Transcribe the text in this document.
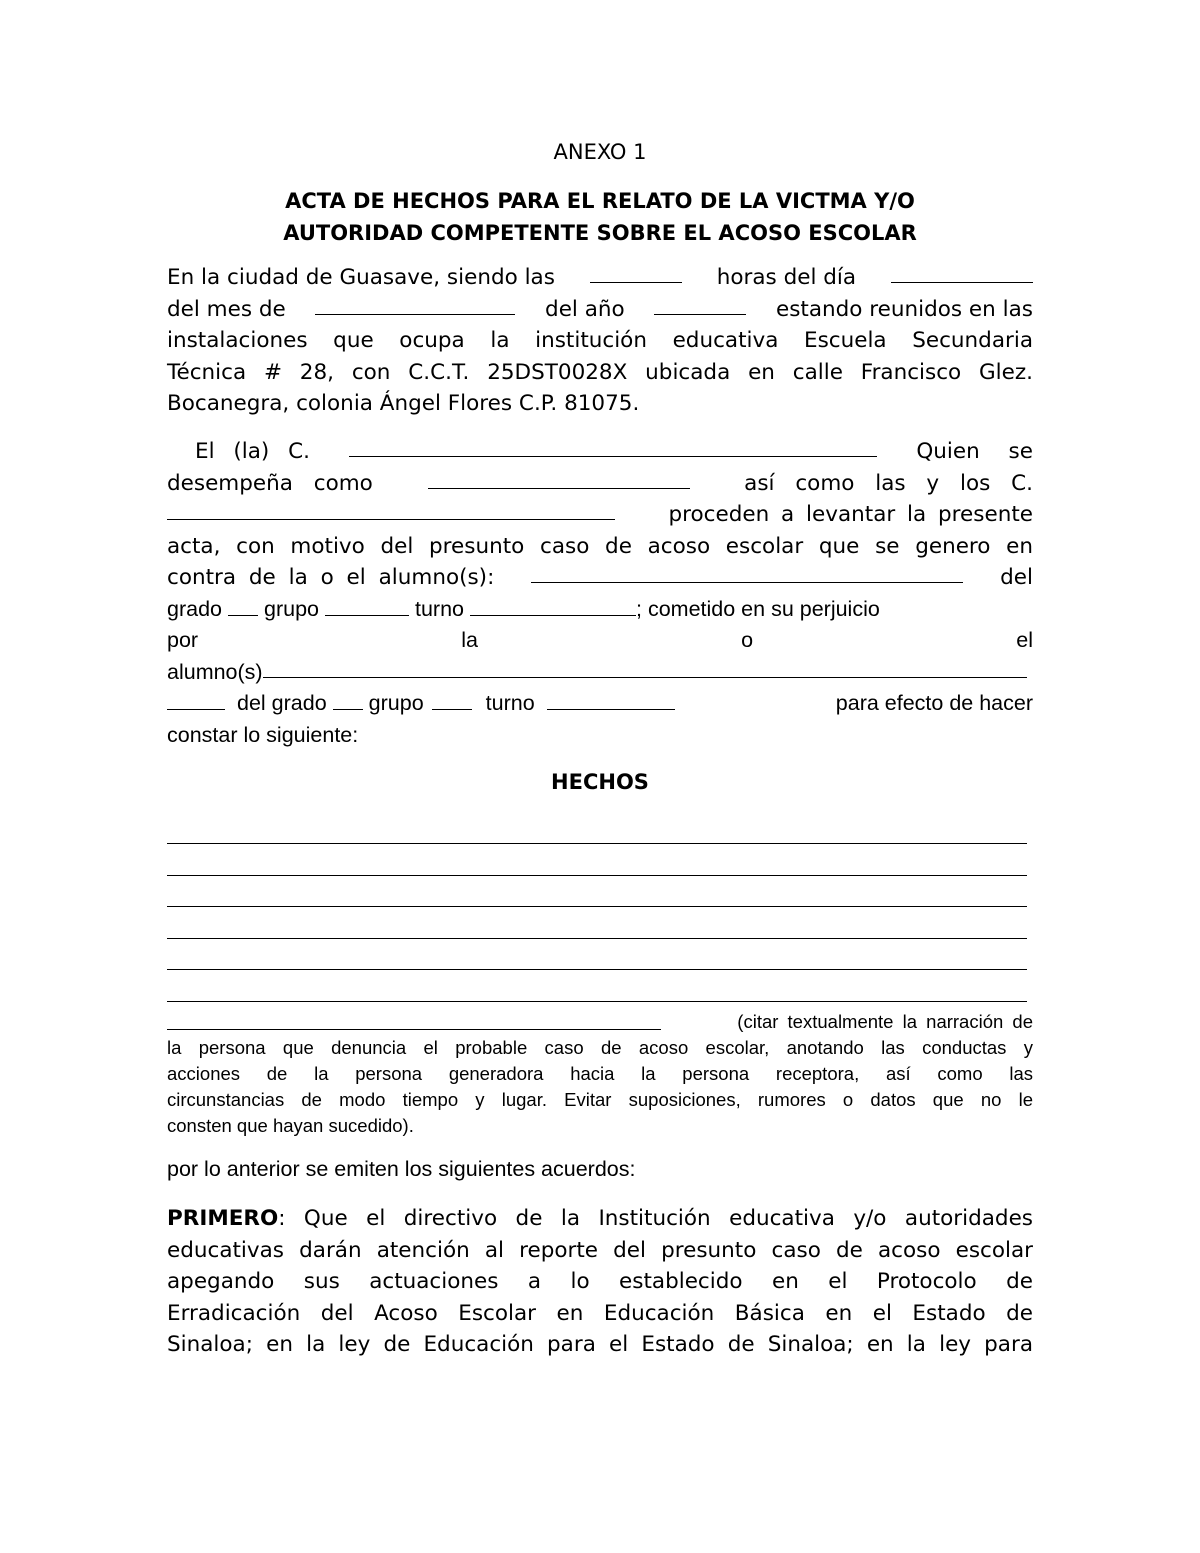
ANEXO 1
ACTA DE HECHOS PARA EL RELATO DE LA VICTMA Y/O
AUTORIDAD COMPETENTE SOBRE EL ACOSO ESCOLAR
En la ciudad de Guasave, siendo las	horas del día
del mes de	del año	estando reunidos en las
instalaciones que ocupa la institución educativa Escuela Secundaria
Técnica # 28, con C.C.T. 25DST0028X ubicada en calle Francisco Glez.
Bocanegra, colonia Ángel Flores C.P. 81075.
El (la) C.	Quien se
desempeña como	así como las y los C.
proceden a levantar la presente
acta, con motivo del presunto caso de acoso escolar que se genero en
contra de la o el alumno(s):	del
grado grupo	turno	; cometido en su perjuicio
por	la	o	el
alumno(s)
del grado grupo	turno	para efecto de hacer
constar lo siguiente:
HECHOS
(citar textualmente la narración de
la persona que denuncia el probable caso de acoso escolar, anotando las conductas y
acciones de la persona generadora hacia la persona receptora, así como las
circunstancias de modo tiempo y lugar. Evitar suposiciones, rumores o datos que no le
consten que hayan sucedido).
por lo anterior se emiten los siguientes acuerdos:
PRIMERO: Que el directivo de la Institución educativa y/o autoridades
educativas darán atención al reporte del presunto caso de acoso escolar
apegando sus actuaciones a lo establecido en el Protocolo de
Erradicación del Acoso Escolar en Educación Básica en el Estado de
Sinaloa; en la ley de Educación para el Estado de Sinaloa; en la ley para
